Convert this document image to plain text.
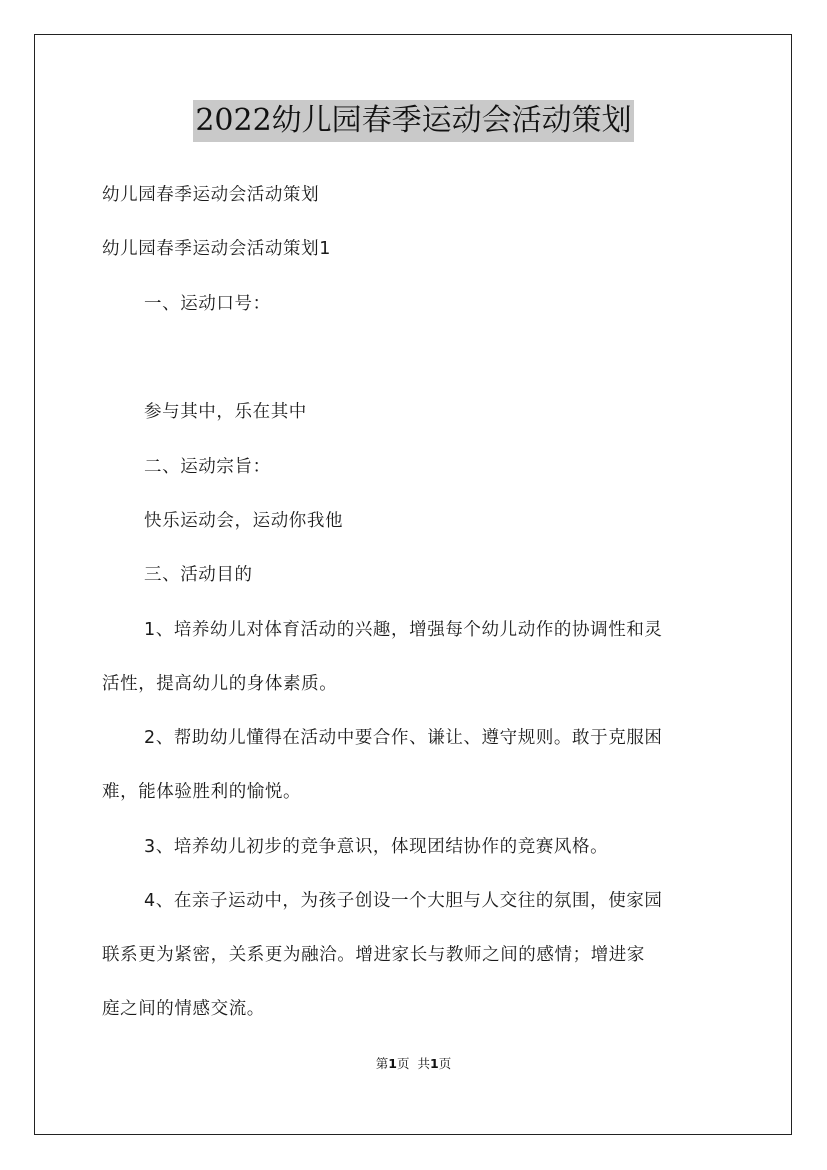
2022幼儿园春季运动会活动策划

幼儿园春季运动会活动策划

幼儿园春季运动会活动策划1

一、运动口号：

参与其中，乐在其中

二、运动宗旨：

快乐运动会，运动你我他

三、活动目的

1、培养幼儿对体育活动的兴趣，增强每个幼儿动作的协调性和灵

活性，提高幼儿的身体素质。

2、帮助幼儿懂得在活动中要合作、谦让、遵守规则。敢于克服困

难，能体验胜利的愉悦。

3、培养幼儿初步的竞争意识，体现团结协作的竞赛风格。

4、在亲子运动中，为孩子创设一个大胆与人交往的氛围，使家园

联系更为紧密，关系更为融洽。增进家长与教师之间的感情；增进家

庭之间的情感交流。

第1页 共1页
